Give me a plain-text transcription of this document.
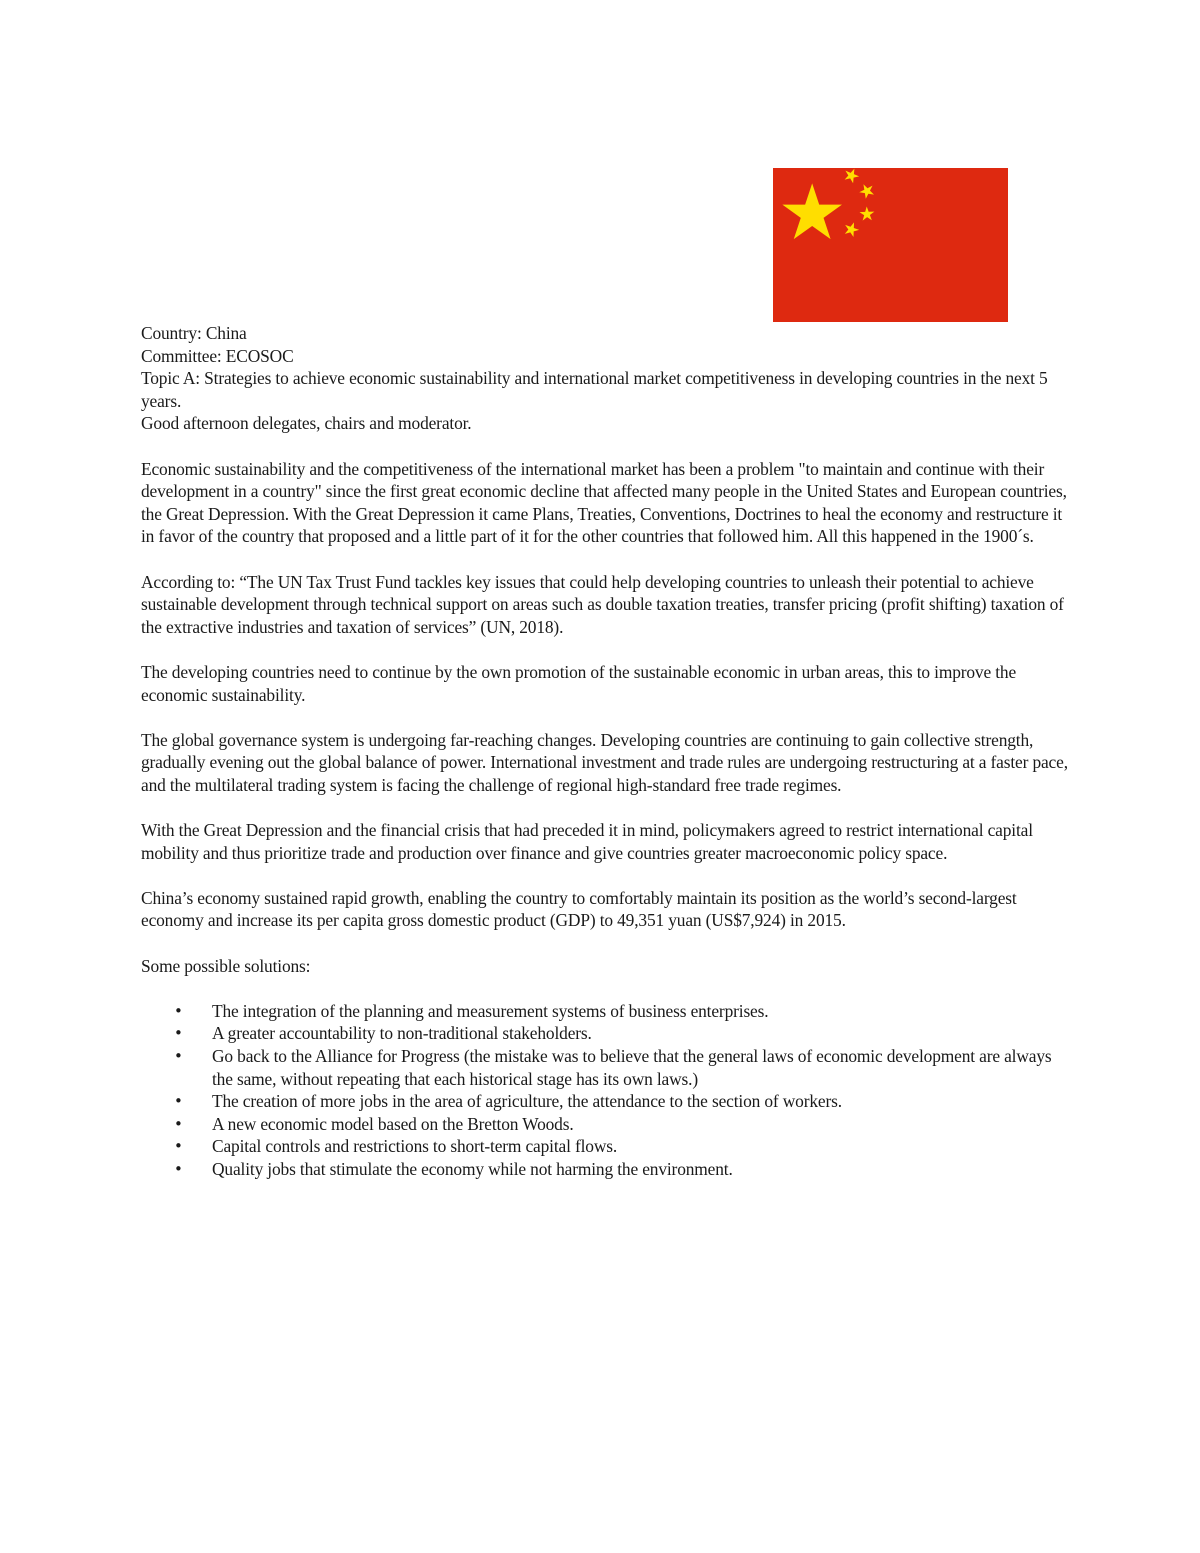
Country: China

Committee: ECOSOC

Topic A: Strategies to achieve economic sustainability and international market competitiveness in developing countries in the next 5 years.

Good afternoon delegates, chairs and moderator.

Economic sustainability and the competitiveness of the international market has been a problem "to maintain and continue with their development in a country" since the first great economic decline that affected many people in the United States and European countries, the Great Depression. With the Great Depression it came Plans, Treaties, Conventions, Doctrines to heal the economy and restructure it in favor of the country that proposed and a little part of it for the other countries that followed him. All this happened in the 1900´s.

According to: “The UN Tax Trust Fund tackles key issues that could help developing countries to unleash their potential to achieve sustainable development through technical support on areas such as double taxation treaties, transfer pricing (profit shifting) taxation of the extractive industries and taxation of services” (UN, 2018).

The developing countries need to continue by the own promotion of the sustainable economic in urban areas, this to improve the economic sustainability.

The global governance system is undergoing far-reaching changes. Developing countries are continuing to gain collective strength, gradually evening out the global balance of power. International investment and trade rules are undergoing restructuring at a faster pace, and the multilateral trading system is facing the challenge of regional high-standard free trade regimes.

With the Great Depression and the financial crisis that had preceded it in mind, policymakers agreed to restrict international capital mobility and thus prioritize trade and production over finance and give countries greater macroeconomic policy space.

China’s economy sustained rapid growth, enabling the country to comfortably maintain its position as the world’s second-largest economy and increase its per capita gross domestic product (GDP) to 49,351 yuan (US$7,924) in 2015.

Some possible solutions:

• The integration of the planning and measurement systems of business enterprises.
• A greater accountability to non-traditional stakeholders.
• Go back to the Alliance for Progress (the mistake was to believe that the general laws of economic development are always the same, without repeating that each historical stage has its own laws.)
• The creation of more jobs in the area of agriculture, the attendance to the section of workers.
• A new economic model based on the Bretton Woods.
• Capital controls and restrictions to short-term capital flows.
• Quality jobs that stimulate the economy while not harming the environment.
